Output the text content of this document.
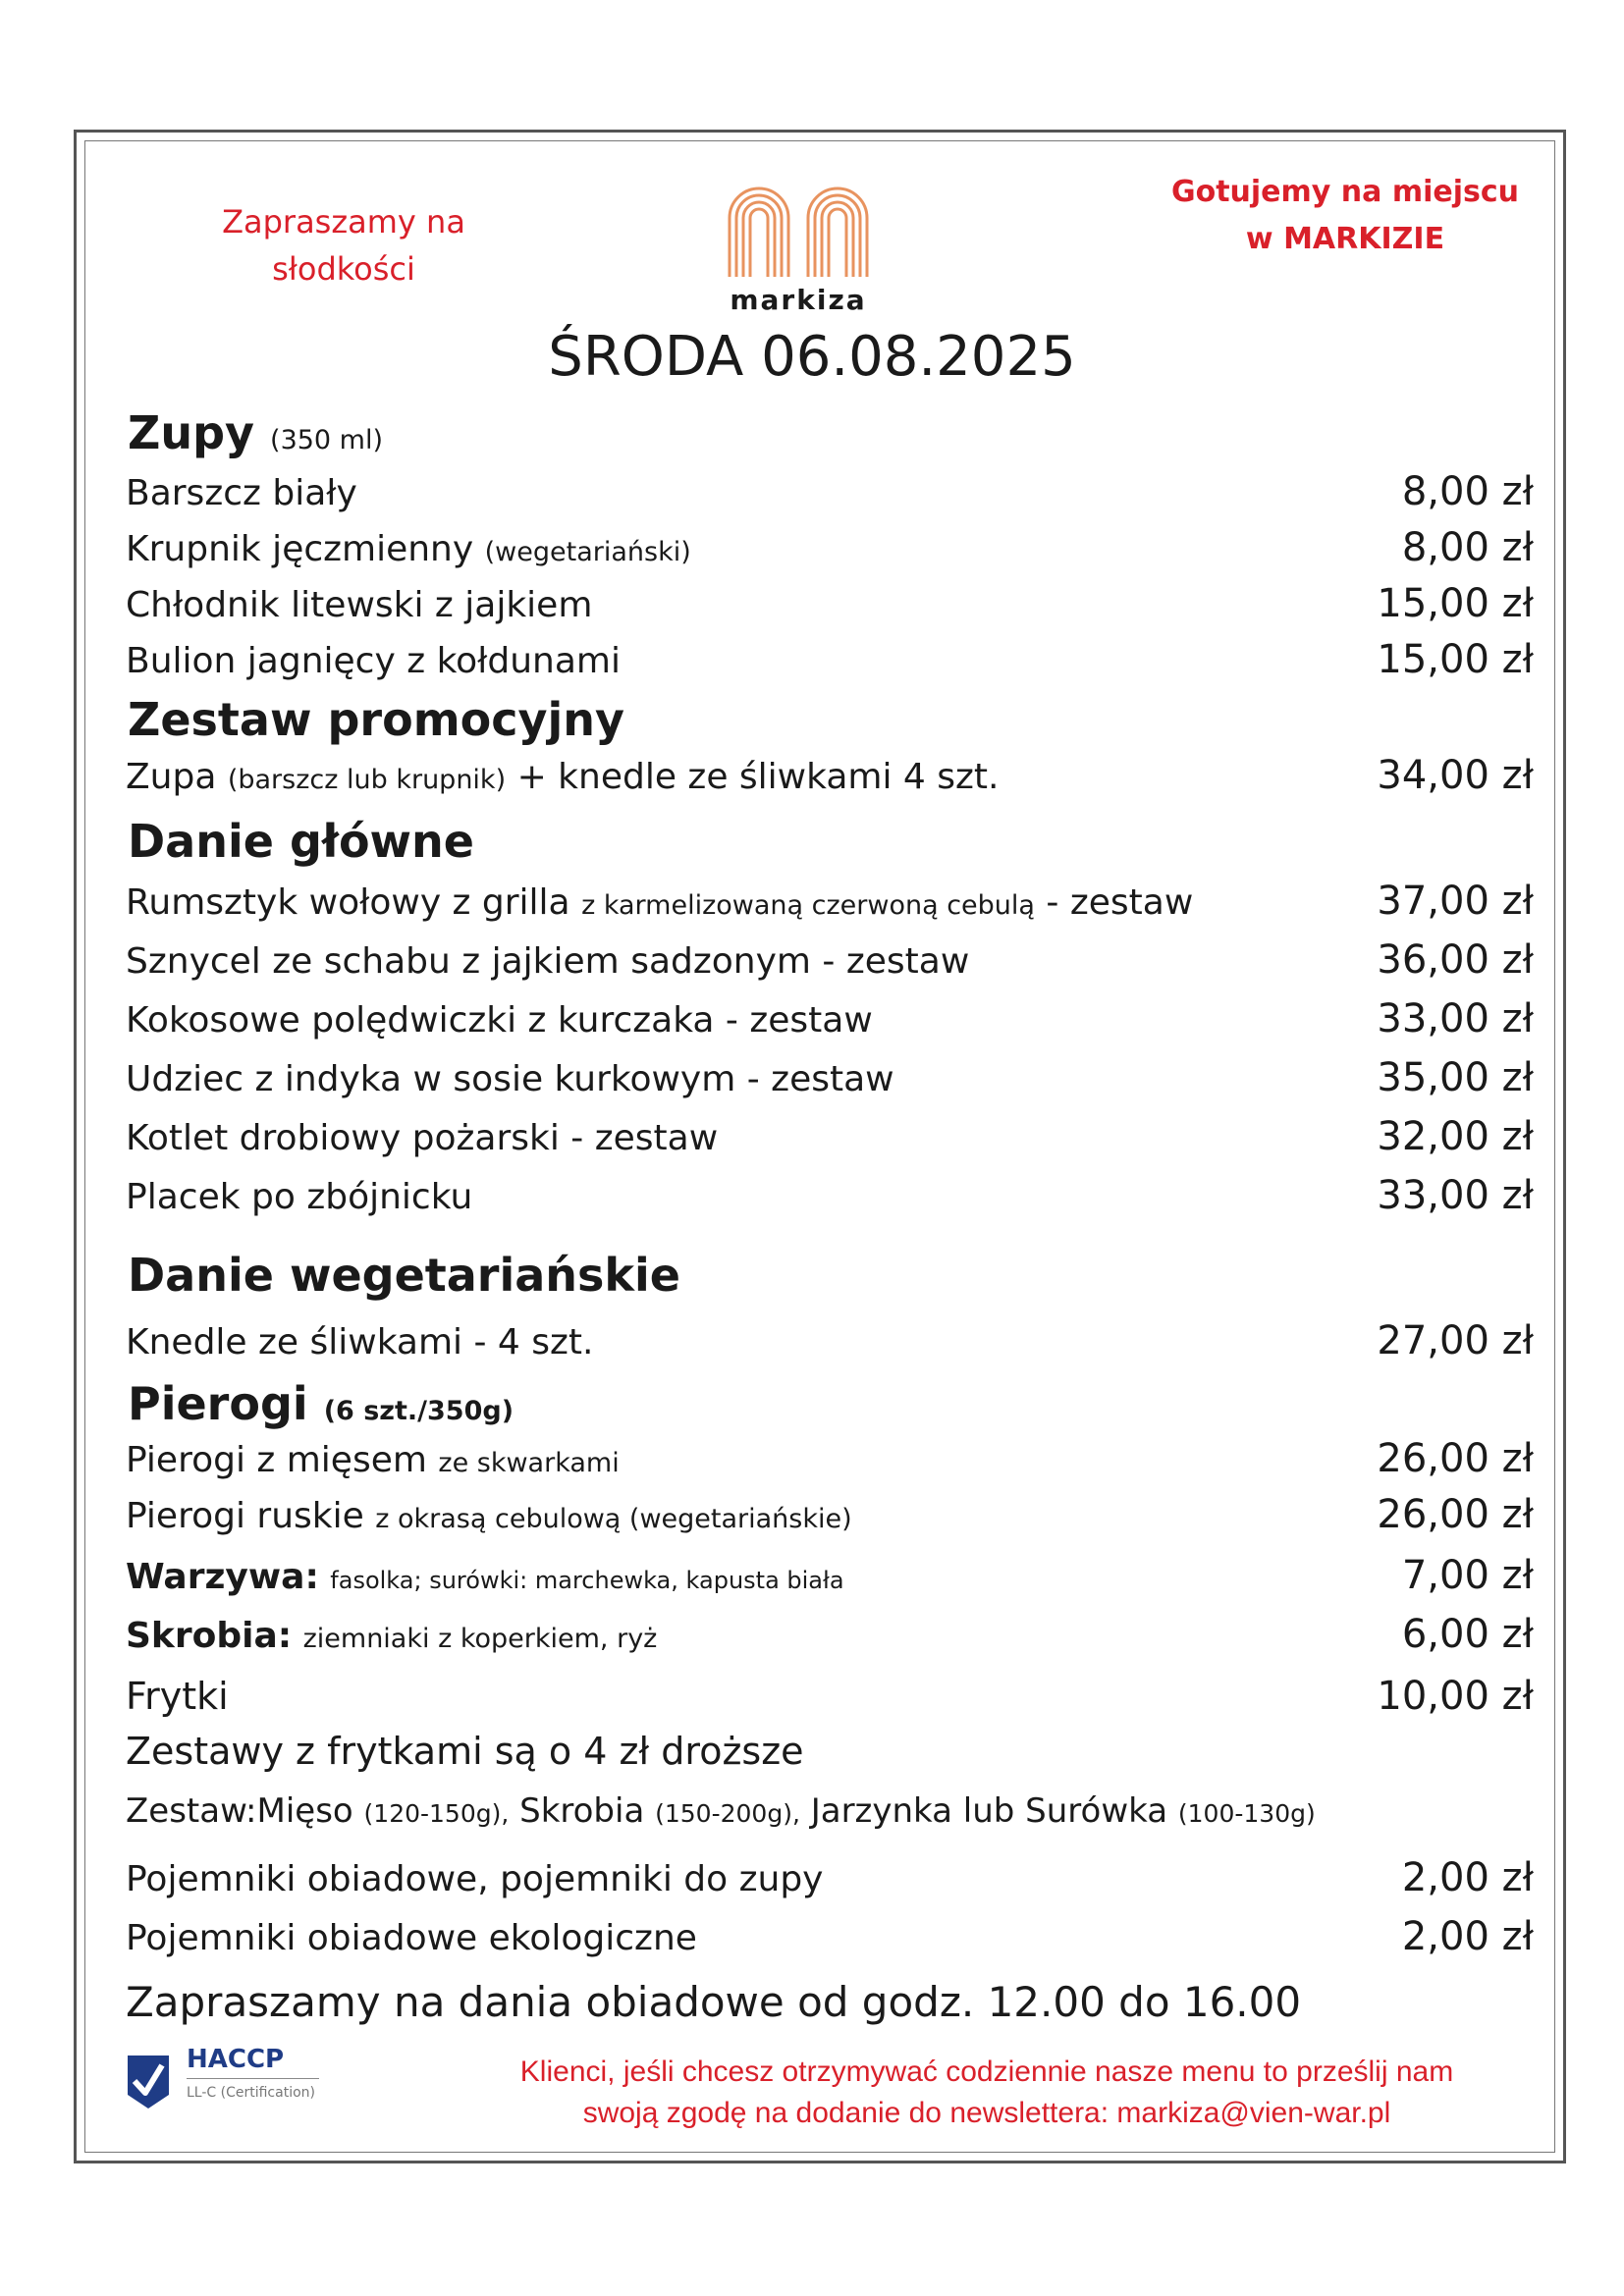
Zapraszamy na
słodkości
markiza
Gotujemy na miejscu
w MARKIZIE
ŚRODA 06.08.2025
Zupy (350 ml)
Barszcz biały	8,00 zł
Krupnik jęczmienny (wegetariański)	8,00 zł
Chłodnik litewski z jajkiem	15,00 zł
Bulion jagnięcy z kołdunami	15,00 zł
Zestaw promocyjny
Zupa (barszcz lub krupnik) + knedle ze śliwkami 4 szt.	34,00 zł
Danie główne
Rumsztyk wołowy z grilla z karmelizowaną czerwoną cebulą - zestaw	37,00 zł
Sznycel ze schabu z jajkiem sadzonym - zestaw	36,00 zł
Kokosowe polędwiczki z kurczaka - zestaw	33,00 zł
Udziec z indyka w sosie kurkowym - zestaw	35,00 zł
Kotlet drobiowy pożarski - zestaw	32,00 zł
Placek po zbójnicku	33,00 zł
Danie wegetariańskie
Knedle ze śliwkami - 4 szt.	27,00 zł
Pierogi (6 szt./350g)
Pierogi z mięsem ze skwarkami	26,00 zł
Pierogi ruskie z okrasą cebulową (wegetariańskie)	26,00 zł
Warzywa: fasolka; surówki: marchewka, kapusta biała	7,00 zł
Skrobia: ziemniaki z koperkiem, ryż	6,00 zł
Frytki	10,00 zł
Zestawy z frytkami są o 4 zł droższe
Zestaw:Mięso (120-150g), Skrobia (150-200g), Jarzynka lub Surówka (100-130g)
Pojemniki obiadowe, pojemniki do zupy	2,00 zł
Pojemniki obiadowe ekologiczne	2,00 zł
Zapraszamy na dania obiadowe od godz. 12.00 do 16.00
HACCP
LL-C (Certification)
Klienci, jeśli chcesz otrzymywać codziennie nasze menu to prześlij nam
swoją zgodę na dodanie do newslettera: markiza@vien-war.pl
